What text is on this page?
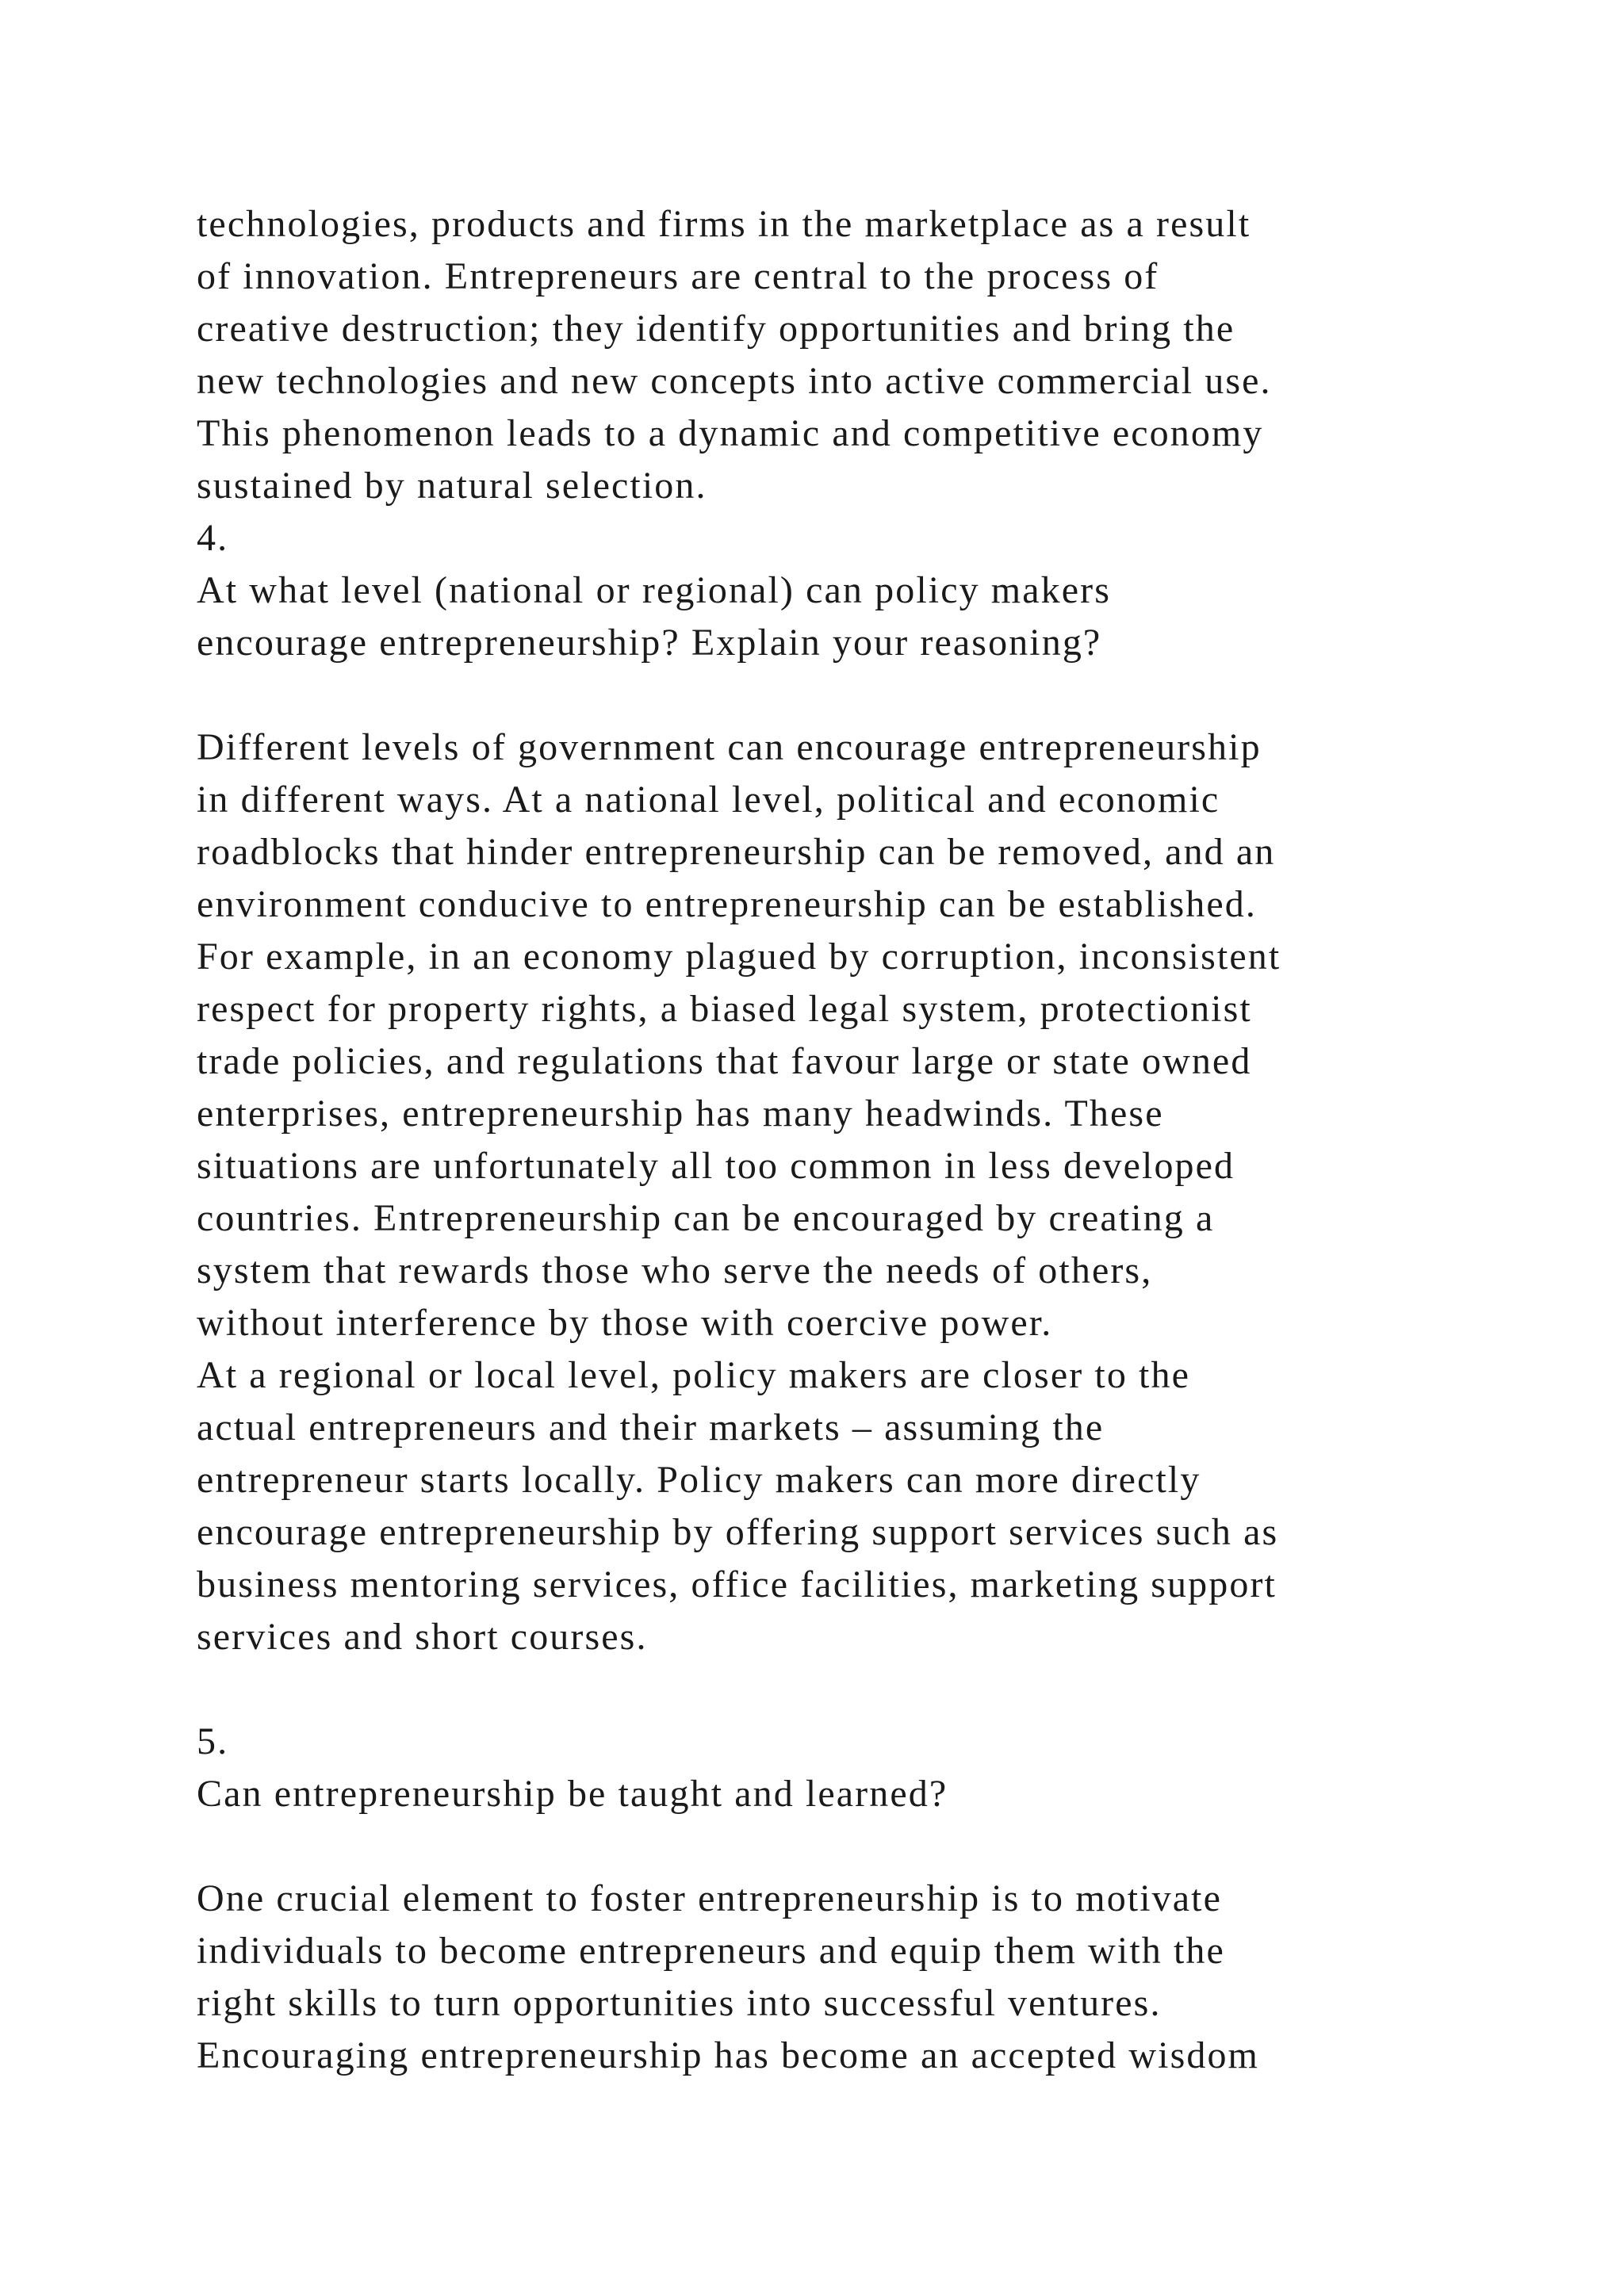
technologies, products and firms in the marketplace as a result
of innovation. Entrepreneurs are central to the process of
creative destruction; they identify opportunities and bring the
new technologies and new concepts into active commercial use.
This phenomenon leads to a dynamic and competitive economy
sustained by natural selection.
4.
At what level (national or regional) can policy makers
encourage entrepreneurship? Explain your reasoning?
Different levels of government can encourage entrepreneurship
in different ways. At a national level, political and economic
roadblocks that hinder entrepreneurship can be removed, and an
environment conducive to entrepreneurship can be established.
For example, in an economy plagued by corruption, inconsistent
respect for property rights, a biased legal system, protectionist
trade policies, and regulations that favour large or state owned
enterprises, entrepreneurship has many headwinds. These
situations are unfortunately all too common in less developed
countries. Entrepreneurship can be encouraged by creating a
system that rewards those who serve the needs of others,
without interference by those with coercive power.
At a regional or local level, policy makers are closer to the
actual entrepreneurs and their markets – assuming the
entrepreneur starts locally. Policy makers can more directly
encourage entrepreneurship by offering support services such as
business mentoring services, office facilities, marketing support
services and short courses.
5.
Can entrepreneurship be taught and learned?
One crucial element to foster entrepreneurship is to motivate
individuals to become entrepreneurs and equip them with the
right skills to turn opportunities into successful ventures.
Encouraging entrepreneurship has become an accepted wisdom
